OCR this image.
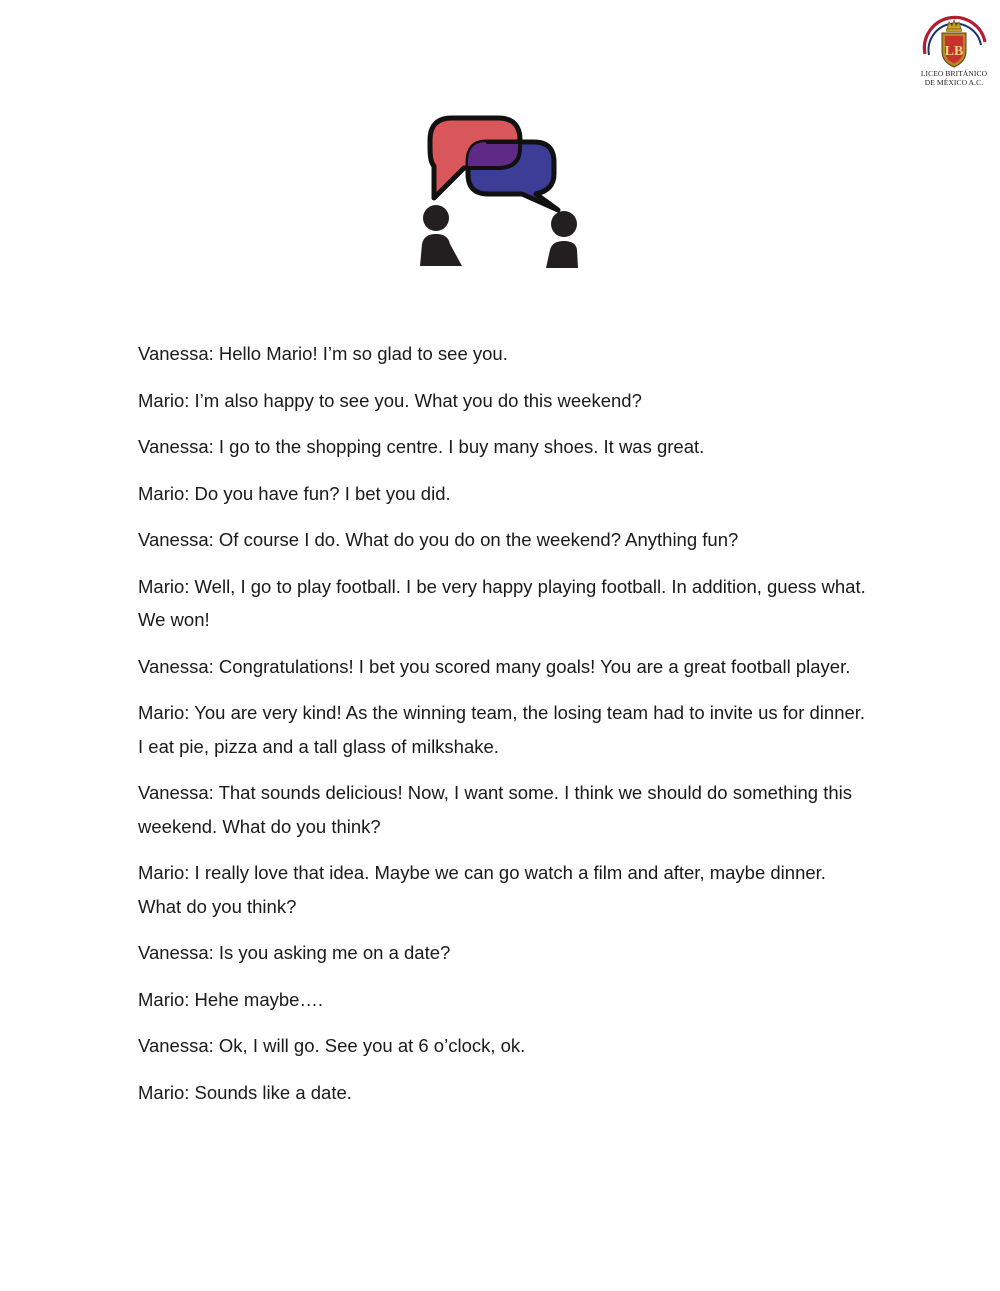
LB
LICEO BRITÁNICO
DE MÉXICO A.C.
Vanessa: Hello Mario! I’m so glad to see you.
Mario: I’m also happy to see you. What you do this weekend?
Vanessa: I go to the shopping centre. I buy many shoes. It was great.
Mario: Do you have fun? I bet you did.
Vanessa: Of course I do. What do you do on the weekend? Anything fun?
Mario: Well, I go to play football. I be very happy playing football. In addition, guess what. We won!
Vanessa: Congratulations! I bet you scored many goals! You are a great football player.
Mario: You are very kind! As the winning team, the losing team had to invite us for dinner. I eat pie, pizza and a tall glass of milkshake.
Vanessa: That sounds delicious! Now, I want some. I think we should do something this weekend. What do you think?
Mario: I really love that idea. Maybe we can go watch a film and after, maybe dinner. What do you think?
Vanessa: Is you asking me on a date?
Mario: Hehe maybe….
Vanessa: Ok, I will go. See you at 6 o’clock, ok.
Mario: Sounds like a date.
